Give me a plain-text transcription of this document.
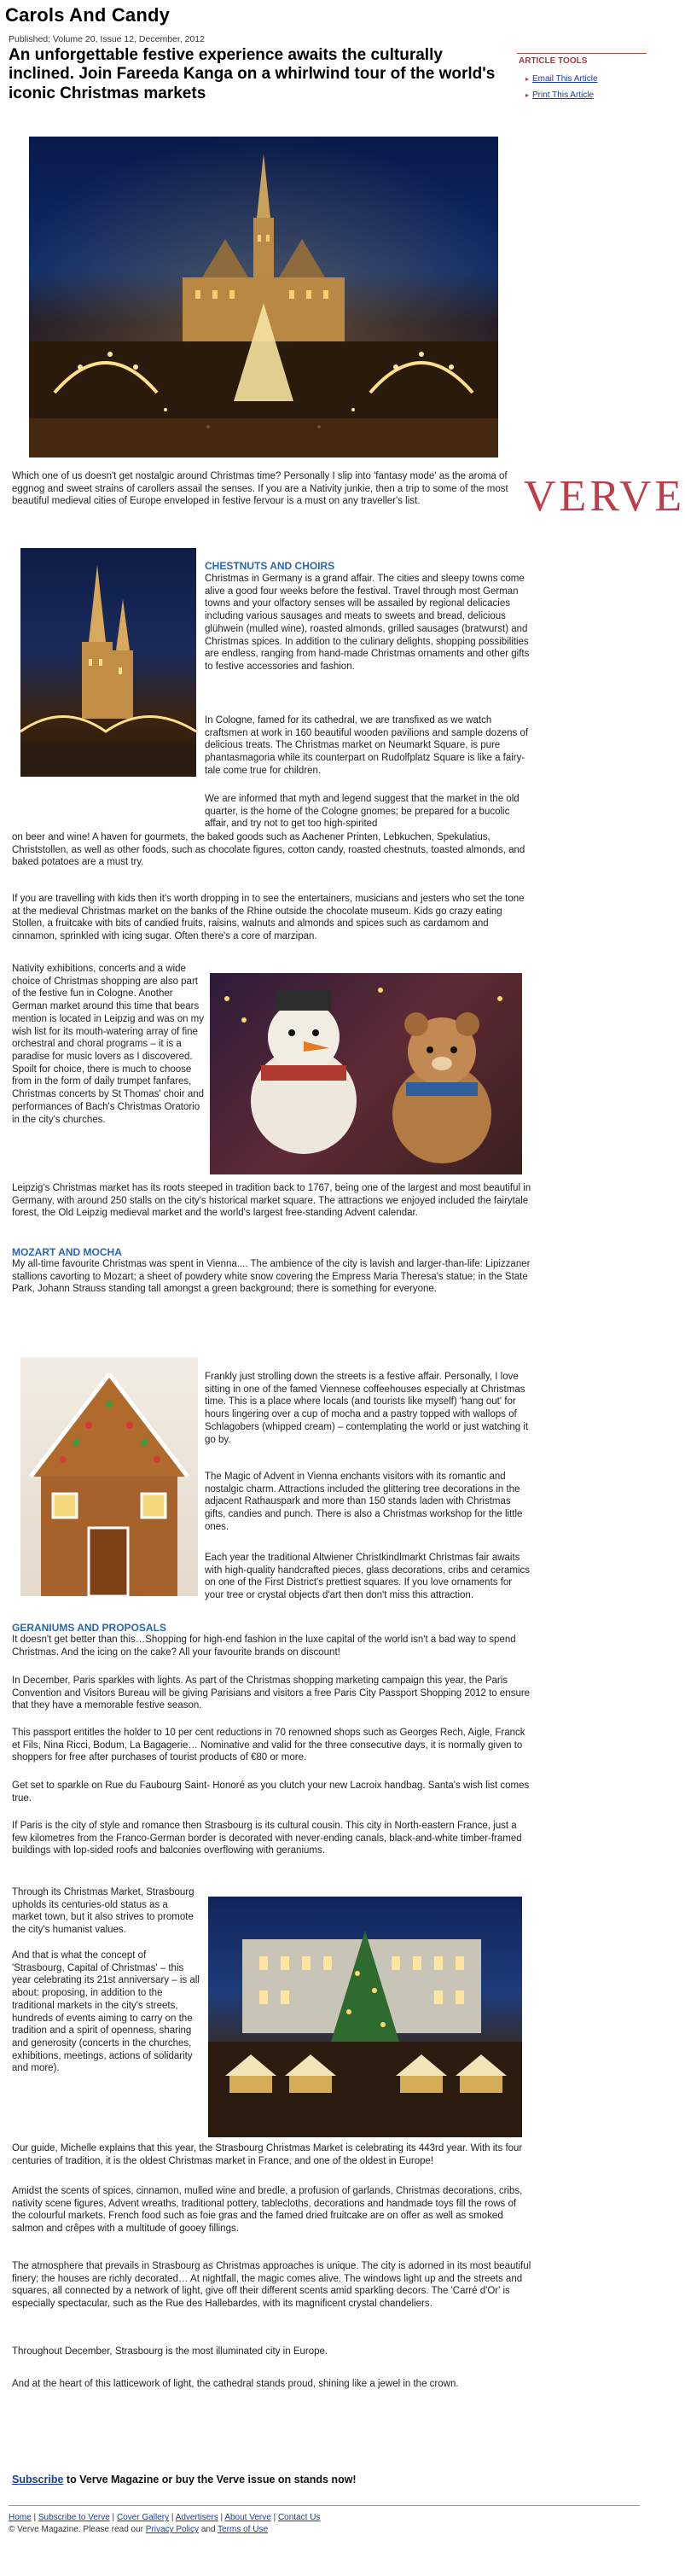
Carols And Candy
Published: Volume 20, Issue 12, December, 2012
An unforgettable festive experience awaits the culturally inclined. Join Fareeda Kanga on a whirlwind tour of the world's iconic Christmas markets
ARTICLE TOOLS
▸ Email This Article
▸ Print This Article
Which one of us doesn't get nostalgic around Christmas time? Personally I slip into 'fantasy mode' as the aroma of eggnog and sweet strains of carollers assail the senses. If you are a Nativity junkie, then a trip to some of the most beautiful medieval cities of Europe enveloped in festive fervour is a must on any traveller's list.	VERVE
CHESTNUTS AND CHOIRS
Christmas in Germany is a grand affair. The cities and sleepy towns come alive a good four weeks before the festival. Travel through most German towns and your olfactory senses will be assailed by regional delicacies including various sausages and meats to sweets and bread, delicious glühwein (mulled wine), roasted almonds, grilled sausages (bratwurst) and Christmas spices. In addition to the culinary delights, shopping possibilities are endless, ranging from hand-made Christmas ornaments and other gifts to festive accessories and fashion.
In Cologne, famed for its cathedral, we are transfixed as we watch craftsmen at work in 160 beautiful wooden pavilions and sample dozens of delicious treats. The Christmas market on Neumarkt Square, is pure phantasmagoria while its counterpart on Rudolfplatz Square is like a fairy-tale come true for children.
We are informed that myth and legend suggest that the market in the old quarter, is the home of the Cologne gnomes; be prepared for a bucolic affair, and try not to get too high-spirited
on beer and wine! A haven for gourmets, the baked goods such as Aachener Printen, Lebkuchen, Spekulatius, Christstollen, as well as other foods, such as chocolate figures, cotton candy, roasted chestnuts, toasted almonds, and baked potatoes are a must try.
If you are travelling with kids then it's worth dropping in to see the entertainers, musicians and jesters who set the tone at the medieval Christmas market on the banks of the Rhine outside the chocolate museum. Kids go crazy eating Stollen, a fruitcake with bits of candied fruits, raisins, walnuts and almonds and spices such as cardamom and cinnamon, sprinkled with icing sugar. Often there's a core of marzipan.
Nativity exhibitions, concerts and a wide choice of Christmas shopping are also part of the festive fun in Cologne. Another German market around this time that bears mention is located in Leipzig and was on my wish list for its mouth-watering array of fine orchestral and choral programs – it is a paradise for music lovers as I discovered. Spoilt for choice, there is much to choose from in the form of daily trumpet fanfares, Christmas concerts by St Thomas' choir and performances of Bach's Christmas Oratorio in the city's churches.
Leipzig's Christmas market has its roots steeped in tradition back to 1767, being one of the largest and most beautiful in Germany, with around 250 stalls on the city's historical market square. The attractions we enjoyed included the fairytale forest, the Old Leipzig medieval market and the world's largest free-standing Advent calendar.
MOZART AND MOCHA
My all-time favourite Christmas was spent in Vienna.... The ambience of the city is lavish and larger-than-life: Lipizzaner stallions cavorting to Mozart; a sheet of powdery white snow covering the Empress Maria Theresa's statue; in the State Park, Johann Strauss standing tall amongst a green background; there is something for everyone.
Frankly just strolling down the streets is a festive affair. Personally, I love sitting in one of the famed Viennese coffeehouses especially at Christmas time. This is a place where locals (and tourists like myself) 'hang out' for hours lingering over a cup of mocha and a pastry topped with wallops of Schlagobers (whipped cream) – contemplating the world or just watching it go by.
The Magic of Advent in Vienna enchants visitors with its romantic and nostalgic charm. Attractions included the glittering tree decorations in the adjacent Rathauspark and more than 150 stands laden with Christmas gifts, candies and punch. There is also a Christmas workshop for the little ones.
Each year the traditional Altwiener Christkindlmarkt Christmas fair awaits with high-quality handcrafted pieces, glass decorations, cribs and ceramics on one of the First District's prettiest squares. If you love ornaments for your tree or crystal objects d'art then don't miss this attraction.
GERANIUMS AND PROPOSALS
It doesn't get better than this…Shopping for high-end fashion in the luxe capital of the world isn't a bad way to spend Christmas. And the icing on the cake? All your favourite brands on discount!
In December, Paris sparkles with lights. As part of the Christmas shopping marketing campaign this year, the Paris Convention and Visitors Bureau will be giving Parisians and visitors a free Paris City Passport Shopping 2012 to ensure that they have a memorable festive season.
This passport entitles the holder to 10 per cent reductions in 70 renowned shops such as Georges Rech, Aigle, Franck et Fils, Nina Ricci, Bodum, La Bagagerie… Nominative and valid for the three consecutive days, it is normally given to shoppers for free after purchases of tourist products of €80 or more.
Get set to sparkle on Rue du Faubourg Saint- Honoré as you clutch your new Lacroix handbag. Santa's wish list comes true.
If Paris is the city of style and romance then Strasbourg is its cultural cousin. This city in North-eastern France, just a few kilometres from the Franco-German border is decorated with never-ending canals, black-and-white timber-framed buildings with lop-sided roofs and balconies overflowing with geraniums.
Through its Christmas Market, Strasbourg upholds its centuries-old status as a market town, but it also strives to promote the city's humanist values.
And that is what the concept of 'Strasbourg, Capital of Christmas' – this year celebrating its 21st anniversary – is all about: proposing, in addition to the traditional markets in the city's streets, hundreds of events aiming to carry on the tradition and a spirit of openness, sharing and generosity (concerts in the churches, exhibitions, meetings, actions of solidarity and more).
Our guide, Michelle explains that this year, the Strasbourg Christmas Market is celebrating its 443rd year. With its four centuries of tradition, it is the oldest Christmas market in France, and one of the oldest in Europe!
Amidst the scents of spices, cinnamon, mulled wine and bredle, a profusion of garlands, Christmas decorations, cribs, nativity scene figures, Advent wreaths, traditional pottery, tablecloths, decorations and handmade toys fill the rows of the colourful markets. French food such as foie gras and the famed dried fruitcake are on offer as well as smoked salmon and crêpes with a multitude of gooey fillings.
The atmosphere that prevails in Strasbourg as Christmas approaches is unique. The city is adorned in its most beautiful finery; the houses are richly decorated… At nightfall, the magic comes alive. The windows light up and the streets and squares, all connected by a network of light, give off their different scents amid sparkling decors. The 'Carré d'Or' is especially spectacular, such as the Rue des Hallebardes, with its magnificent crystal chandeliers.
Throughout December, Strasbourg is the most illuminated city in Europe.
And at the heart of this latticework of light, the cathedral stands proud, shining like a jewel in the crown.
Subscribe to Verve Magazine or buy the Verve issue on stands now!
Home | Subscribe to Verve | Cover Gallery | Advertisers | About Verve | Contact Us
© Verve Magazine. Please read our Privacy Policy and Terms of Use
